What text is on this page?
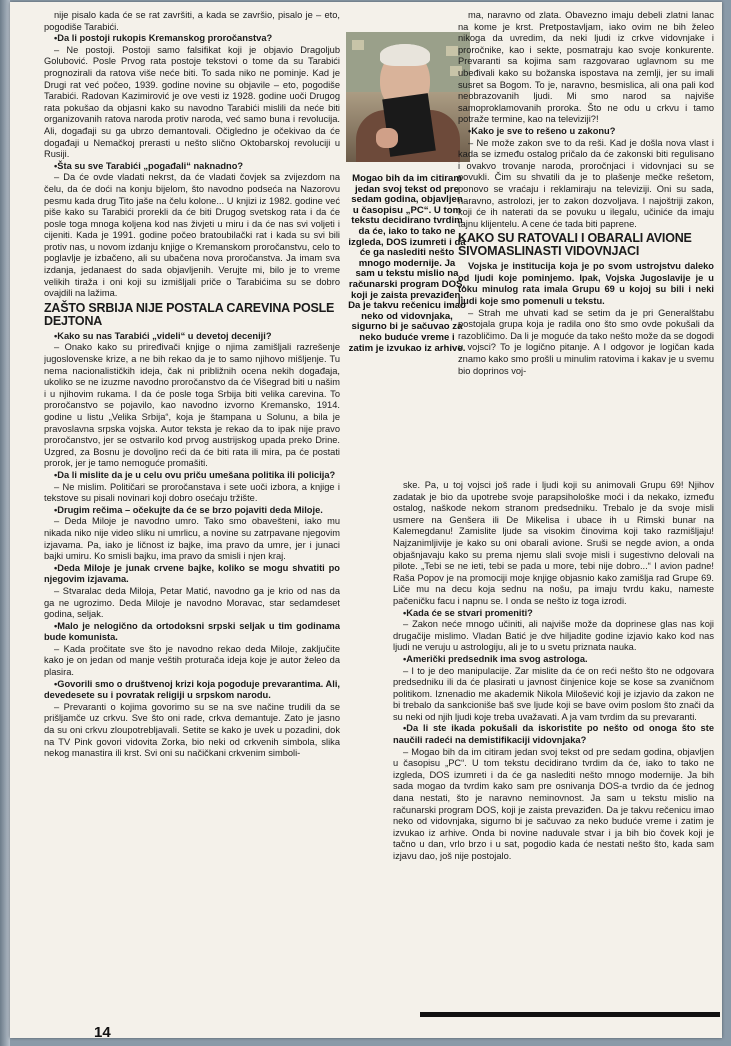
nije pisalo kada će se rat završiti, a kada se završio, pisalo je – eto, pogodiše Tarabići.

• Da li postoji rukopis Kremanskog proročanstva?

– Ne postoji. Postoji samo falsifikat koji je objavio Dragoljub Golubović. Posle Prvog rata postoje tekstovi o tome da su Tarabići prognozirali da ratova više neće biti. To sada niko ne pominje. Kad je Drugi rat već počeo, 1939. godine novine su objavile – eto, pogodiše Tarabići. Radovan Kazimirović je ove vesti iz 1928. godine uoči Drugog rata pokušao da objasni kako su navodno Tarabići mislili da neće biti organizovanih ratova naroda protiv naroda, već samo buna i revolucija. Ali, događaji su ga ubrzo demantovali. Očigledno je očekivao da će događaji u Nemačkoj prerasti u nešto slično Oktobarskoj revoluciji u Rusiji.

• Šta su sve Tarabići „pogađali“ naknadno?

– Da će ovde vladati nekrst, da će vladati čovjek sa zvijezdom na čelu, da će doći na konju bijelom, što navodno podseća na Nazorovu pesmu kada drug Tito jaše na čelu kolone... U knjizi iz 1982. godine već piše kako su Tarabići prorekli da će biti Drugog svetskog rata i da će posle toga mnoga koljena kod nas živjeti u miru i da će nas svi voljeti i cijeniti. Kada je 1991. godine počeo bratoubilački rat i kada su svi bili protiv nas, u novom izdanju knjige o Kremanskom proročanstvu, celo to poglavlje je izbačeno, ali su ubačena nova proročanstva. Ja imam sva izdanja, jedanaest do sada objavljenih. Verujte mi, bilo je to vreme velikih tiraža i oni koji su izmišljali priče o Tarabićima su se dobro ovajdili na lažima.

ZAŠTO SRBIJA NIJE POSTALA CAREVINA POSLE DEJTONA

• Kako su nas Tarabići „videli“ u devetoj deceniji?

– Onako kako su priređivači knjige o njima zamišljali razrešenje jugoslovenske krize, a ne bih rekao da je to samo njihovo mišljenje. Tu nema nacionalističkih ideja, čak ni približnih ocena nekih događaja, ukoliko se ne izuzme navodno proročanstvo da će Višegrad biti u našim i u njihovim rukama. I da će posle toga Srbija biti velika carevina. To proročanstvo se pojavilo, kao navodno izvorno Kremansko, 1914. godine u listu „Velika Srbija“, koja je štampana u Solunu, a bila je pravoslavna srpska vojska. Autor teksta je rekao da to ipak nije pravo proročanstvo, jer se ostvarilo kod prvog austrijskog upada preko Drine. Uzgred, za Bosnu je dovoljno reći da će biti rata ili mira, pa će postati prorok, jer je tamo nemoguće promašiti.

• Da li mislite da je u celu ovu priču umešana politika ili policija?

– Ne mislim. Političari se proročanstava i sete uoči izbora, a knjige i tekstove su pisali novinari koji dobro osećaju tržište.

• Drugim rečima – očekujte da će se brzo pojaviti deda Miloje.

– Deda Miloje je navodno umro. Tako smo obavešteni, iako mu nikada niko nije video sliku ni umrlicu, a novine su zatrpavane njegovim izjavama. Pa, iako je ličnost iz bajke, ima pravo da umre, jer i junaci bajki umiru. Ko smisli bajku, ima pravo da smisli i njen kraj.

• Deda Miloje je junak crvene bajke, koliko se mogu shvatiti po njegovim izjavama.

– Stvaralac deda Miloja, Petar Matić, navodno ga je krio od nas da ga ne ugrozimo. Deda Miloje je navodno Moravac, star sedamdeset godina, seljak.

• Malo je nelogično da ortodoksni srpski seljak u tim godinama bude komunista.

– Kada pročitate sve što je navodno rekao deda Miloje, zaključite kako je on jedan od manje veštih proturača ideja koje je autor želeo da plasira.

• Govorili smo o društvenoj krizi koja pogoduje prevarantima. Ali, devedesete su i povratak religiji u srpskom narodu.

– Prevaranti o kojima govorimo su se na sve načine trudili da se prišljamče uz crkvu. Sve što oni rade, crkva demantuje. Zato je jasno da su oni crkvu zloupotrebljavali. Setite se kako je uvek u pozadini, dok na TV Pink govori vidovita Zorka, bio neki od crkvenih simbola, slika nekog manastira ili krst. Svi oni su načičkani crkvenim simboli-

Mogao bih da im citiram jedan svoj tekst od pre sedam godina, objavljen u časopisu „PC“. U tom tekstu decidirano tvrdim da će, iako to tako ne izgleda, DOS izumreti i da će ga naslediti nešto mnogo modernije. Ja sam u tekstu mislio na računarski program DOS, koji je zaista prevaziđen. Da je takvu rečenicu imao neko od vidovnjaka, sigurno bi je sačuvao za neko buduće vreme i zatim je izvukao iz arhive.

ma, naravno od zlata. Obavezno imaju debeli zlatni lanac na kome je krst. Pretpostavljam, iako ovim ne bih želeo nikoga da uvredim, da neki ljudi iz crkve vidovnjake i proročnike, kao i sekte, posmatraju kao svoje konkurente. Prevaranti sa kojima sam razgovarao uglavnom su me ubeđivali kako su božanska ispostava na zemlji, jer su imali susret sa Bogom. To je, naravno, besmislica, ali ona pali kod neobrazovanih ljudi. Mi smo narod sa najviše samoproklamovanih proroka. Što ne odu u crkvu i tamo potraže termine, kao na televiziji?!

• Kako je sve to rešeno u zakonu?

– Ne može zakon sve to da reši. Kad je došla nova vlast i kada se između ostalog pričalo da će zakonski biti regulisano i ovakvo trovanje naroda, proročnjaci i vidovnjaci su se povukli. Čim su shvatili da je to plašenje mečke rešetom, ponovo se vraćaju i reklamiraju na televiziji. Oni su sada, naravno, astrolozi, jer to zakon dozvoljava. I najoštriji zakon, koji će ih naterati da se povuku u ilegalu, učiniće da imaju tajnu klijentelu. A cene će tada biti paprene.

KAKO SU RATOVALI I OBARALI AVIONE SIVOMASLINASTI VIDOVNJACI

Vojska je institucija koja je po svom ustrojstvu daleko od ljudi koje pominjemo. Ipak, Vojska Jugoslavije je u toku minulog rata imala Grupu 69 u kojoj su bili i neki ljudi koje smo pomenuli u tekstu.

– Strah me uhvati kad se setim da je pri Generalštabu postojala grupa koja je radila ono što smo ovde pokušali da razobličimo. Da li je moguće da tako nešto može da se dogodi u vojsci? To je logično pitanje. A I odgovor je logičan kada znamo kako smo prošli u minulim ratovima i kakav je u svemu bio doprinos voj-

ske. Pa, u toj vojsci još rade i ljudi koji su animovali Grupu 69! Njihov zadatak je bio da upotrebe svoje parapsihološke moći i da nekako, između ostalog, naškode nekom stranom predsedniku. Trebalo je da svoje misli usmere na Genšera ili De Mikelisa i ubace ih u Rimski bunar na Kalemegdanu! Zamislite ljude sa visokim činovima koji tako razmišljaju! Najzanimljivije je kako su oni obarali avione. Sruši se negde avion, a onda objašnjavaju kako su prema njemu slali svoje misli i sugestivno delovali na pilote. „Tebi se ne ieti, tebi se pada u more, tebi nije dobro...“ I avion padne! Raša Popov je na promociji moje knjige objasnio kako zamišlja rad Grupe 69. Liče mu na decu koja sednu na nošu, pa imaju tvrdu kaku, nameste pačeničku facu i napnu se. I onda se nešto iz toga izrodi.

• Kada će se stvari promeniti?

– Zakon neće mnogo učiniti, ali najviše može da doprinese glas nas koji drugačije mislimo. Vladan Batić je dve hiljadite godine izjavio kako kod nas ljudi ne veruju u astrologiju, ali je to u svetu priznata nauka.

• Američki predsednik ima svog astrologa.

– I to je deo manipulacije. Zar mislite da će on reći nešto što ne odgovara predsedniku ili da će plasirati u javnost činjenice koje se kose sa zvaničnom politikom. Iznenadio me akademik Nikola Milošević koji je izjavio da zakon ne bi trebalo da sankcioniše baš sve ljude koji se bave ovim poslom što znači da su neki od njih ljudi koje treba uvažavati. A ja vam tvrdim da su prevaranti.

• Da li ste ikada pokušali da iskoristite po nešto od onoga što ste naučili radeći na demistifikaciji vidovnjaka?

– Mogao bih da im citiram jedan svoj tekst od pre sedam godina, objavljen u časopisu „PC“. U tom tekstu decidirano tvrdim da će, iako to tako ne izgleda, DOS izumreti i da će ga naslediti nešto mnogo modernije. Ja bih sada mogao da tvrdim kako sam pre osnivanja DOS-a tvrdio da će jednog dana nestati, što je naravno neminovnost. Ja sam u tekstu mislio na računarski program DOS, koji je zaista prevaziđen. Da je takvu rečenicu imao neko od vidovnjaka, sigurno bi je sačuvao za neko buduće vreme i zatim je izvukao iz arhive. Onda bi novine naduvale stvar i ja bih bio čovek koji je tačno u dan, vrlo brzo i u sat, pogodio kada će nestati nešto što, kada sam izjavu dao, još nije postojalo.

14
